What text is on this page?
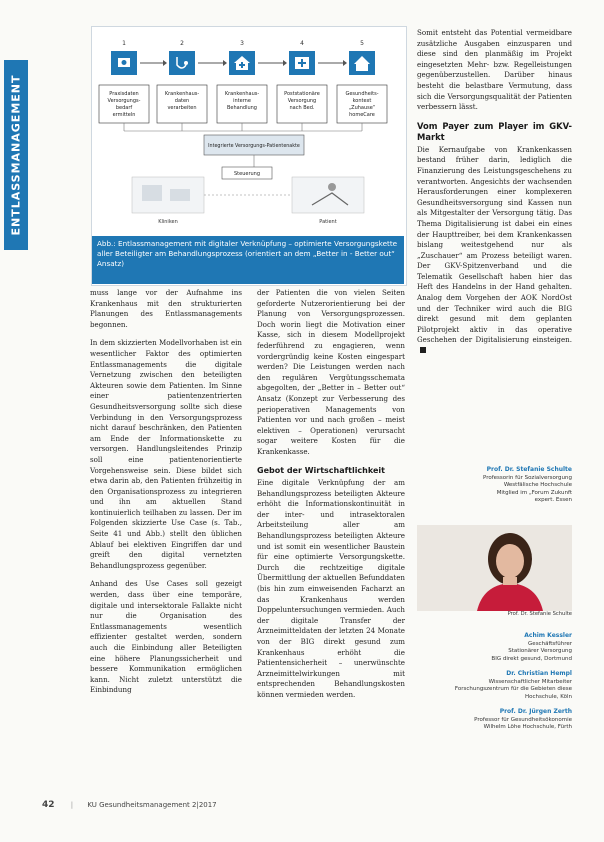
ENTLASSMANAGEMENT
1
Praxisdaten
Versorgungs-
bedarf
ermitteln
2
Krankenhaus-
daten
verarbeiten
3
Krankenhaus-
interne
Behandlung
4
Poststationäre
Versorgung
nach Bed.
5
Gesundheits-
kontext
„Zuhause“
homeCare
Integrierte Versorgungs-Patientenakte
Steuerung
Kliniken	Patient
Abb.: Entlassmanagement mit digitaler Verknüpfung – optimierte Versorgungskette aller Beteiligter am Behandlungsprozess (orientiert an dem „Better in - Better out“ Ansatz)

muss lange vor der Aufnahme ins Krankenhaus mit den strukturierten Planungen des Entlassmanagements begonnen.

In dem skizzierten Modellvorhaben ist ein wesentlicher Faktor des optimierten Entlassmanagements die digitale Vernetzung zwischen den beteiligten Akteuren sowie dem Patienten. Im Sinne einer patientenzentrierten Gesundheitsversorgung sollte sich diese Verbindung in den Versorgungsprozess nicht darauf beschränken, den Patienten am Ende der Informationskette zu versorgen. Handlungsleitendes Prinzip soll eine patientenorientierte Vorgehensweise sein. Diese bildet sich etwa darin ab, den Patienten frühzeitig in den Organisationsprozess zu integrieren und ihn am aktuellen Stand kontinuierlich teilhaben zu lassen. Der im Folgenden skizzierte Use Case (s. Tab., Seite 41 und Abb.) stellt den üblichen Ablauf bei elektiven Eingriffen dar und greift den digital vernetzten Behandlungsprozess gegenüber.

Anhand des Use Cases soll gezeigt werden, dass über eine temporäre, digitale und intersektorale Fallakte nicht nur die Organisation des Entlassmanagements wesentlich effizienter gestaltet werden, sondern auch die Einbindung aller Beteiligten eine höhere Planungssicherheit und bessere Kommunikation ermöglichen kann. Nicht zuletzt unterstützt die Einbindung

der Patienten die von vielen Seiten geforderte Nutzerorientierung bei der Planung von Versorgungsprozessen. Doch worin liegt die Motivation einer Kasse, sich in diesem Modellprojekt federführend zu engagieren, wenn vordergründig keine Kosten eingespart werden? Die Leistungen werden nach den regulären Vergütungsschemata abgegolten, der „Better in – Better out“ Ansatz (Konzept zur Verbesserung des perioperativen Managements von Patienten vor und nach großen – meist elektiven – Operationen) verursacht sogar weitere Kosten für die Krankenkasse.

Gebot der Wirtschaftlichkeit

Eine digitale Verknüpfung der am Behandlungsprozess beteiligten Akteure erhöht die Informationskontinuität in der inter- und intrasektoralen Arbeitsteilung aller am Behandlungsprozess beteiligten Akteure und ist somit ein wesentlicher Baustein für eine optimierte Versorgungskette. Durch die rechtzeitige digitale Übermittlung der aktuellen Befunddaten (bis hin zum einweisenden Facharzt an das Krankenhaus werden Doppeluntersuchungen vermieden. Auch der digitale Transfer der Arzneimitteldaten der letzten 24 Monate von der BIG direkt gesund zum Krankenhaus erhöht die Patientensicherheit – unerwünschte Arzneimittelwirkungen mit entsprechenden Behandlungskosten können vermieden werden.

Somit entsteht das Potential vermeidbare zusätzliche Ausgaben einzusparen und diese sind den planmäßig im Projekt eingesetzten Mehr- bzw. Regelleistungen gegenüberzustellen. Darüber hinaus besteht die belastbare Vermutung, dass sich die Versorgungsqualität der Patienten verbessern lässt.

Vom Payer zum Player im GKV-Markt

Die Kernaufgabe von Krankenkassen bestand früher darin, lediglich die Finanzierung des Leistungsgeschehens zu verantworten. Angesichts der wachsenden Herausforderungen einer komplexeren Gesundheitsversorgung sind Kassen nun als Mitgestalter der Versorgung tätig. Das Thema Digitalisierung ist dabei ein eines der Haupttreiber, bei dem Krankenkassen bislang weitestgehend nur als „Zuschauer“ am Prozess beteiligt waren. Der GKV-Spitzenverband und die Telematik Gesellschaft haben hier das Heft des Handelns in der Hand gehalten. Analog dem Vorgehen der AOK NordOst und der Techniker wird auch die BIG direkt gesund mit dem geplanten Pilotprojekt aktiv in das operative Geschehen der Digitalisierung einsteigen.

Prof. Dr. Stefanie Schulte
Professorin für Sozialversorgung
Westfälische Hochschule
Mitglied im „Forum Zukunft
expert. Essen
Prof. Dr. Stefanie Schulte
Achim Kessler
Geschäftsführer
Stationärer Versorgung
BIG direkt gesund, Dortmund
Dr. Christian Hempl
Wissenschaftlicher Mitarbeiter
Forschungszentrum für die Gebieten diese
Hochschule, Köln
Prof. Dr. Jürgen Zerth
Professor für Gesundheitsökonomie
Wilhelm Löhe Hochschule, Fürth
42 | KU Gesundheitsmanagement 2|2017
